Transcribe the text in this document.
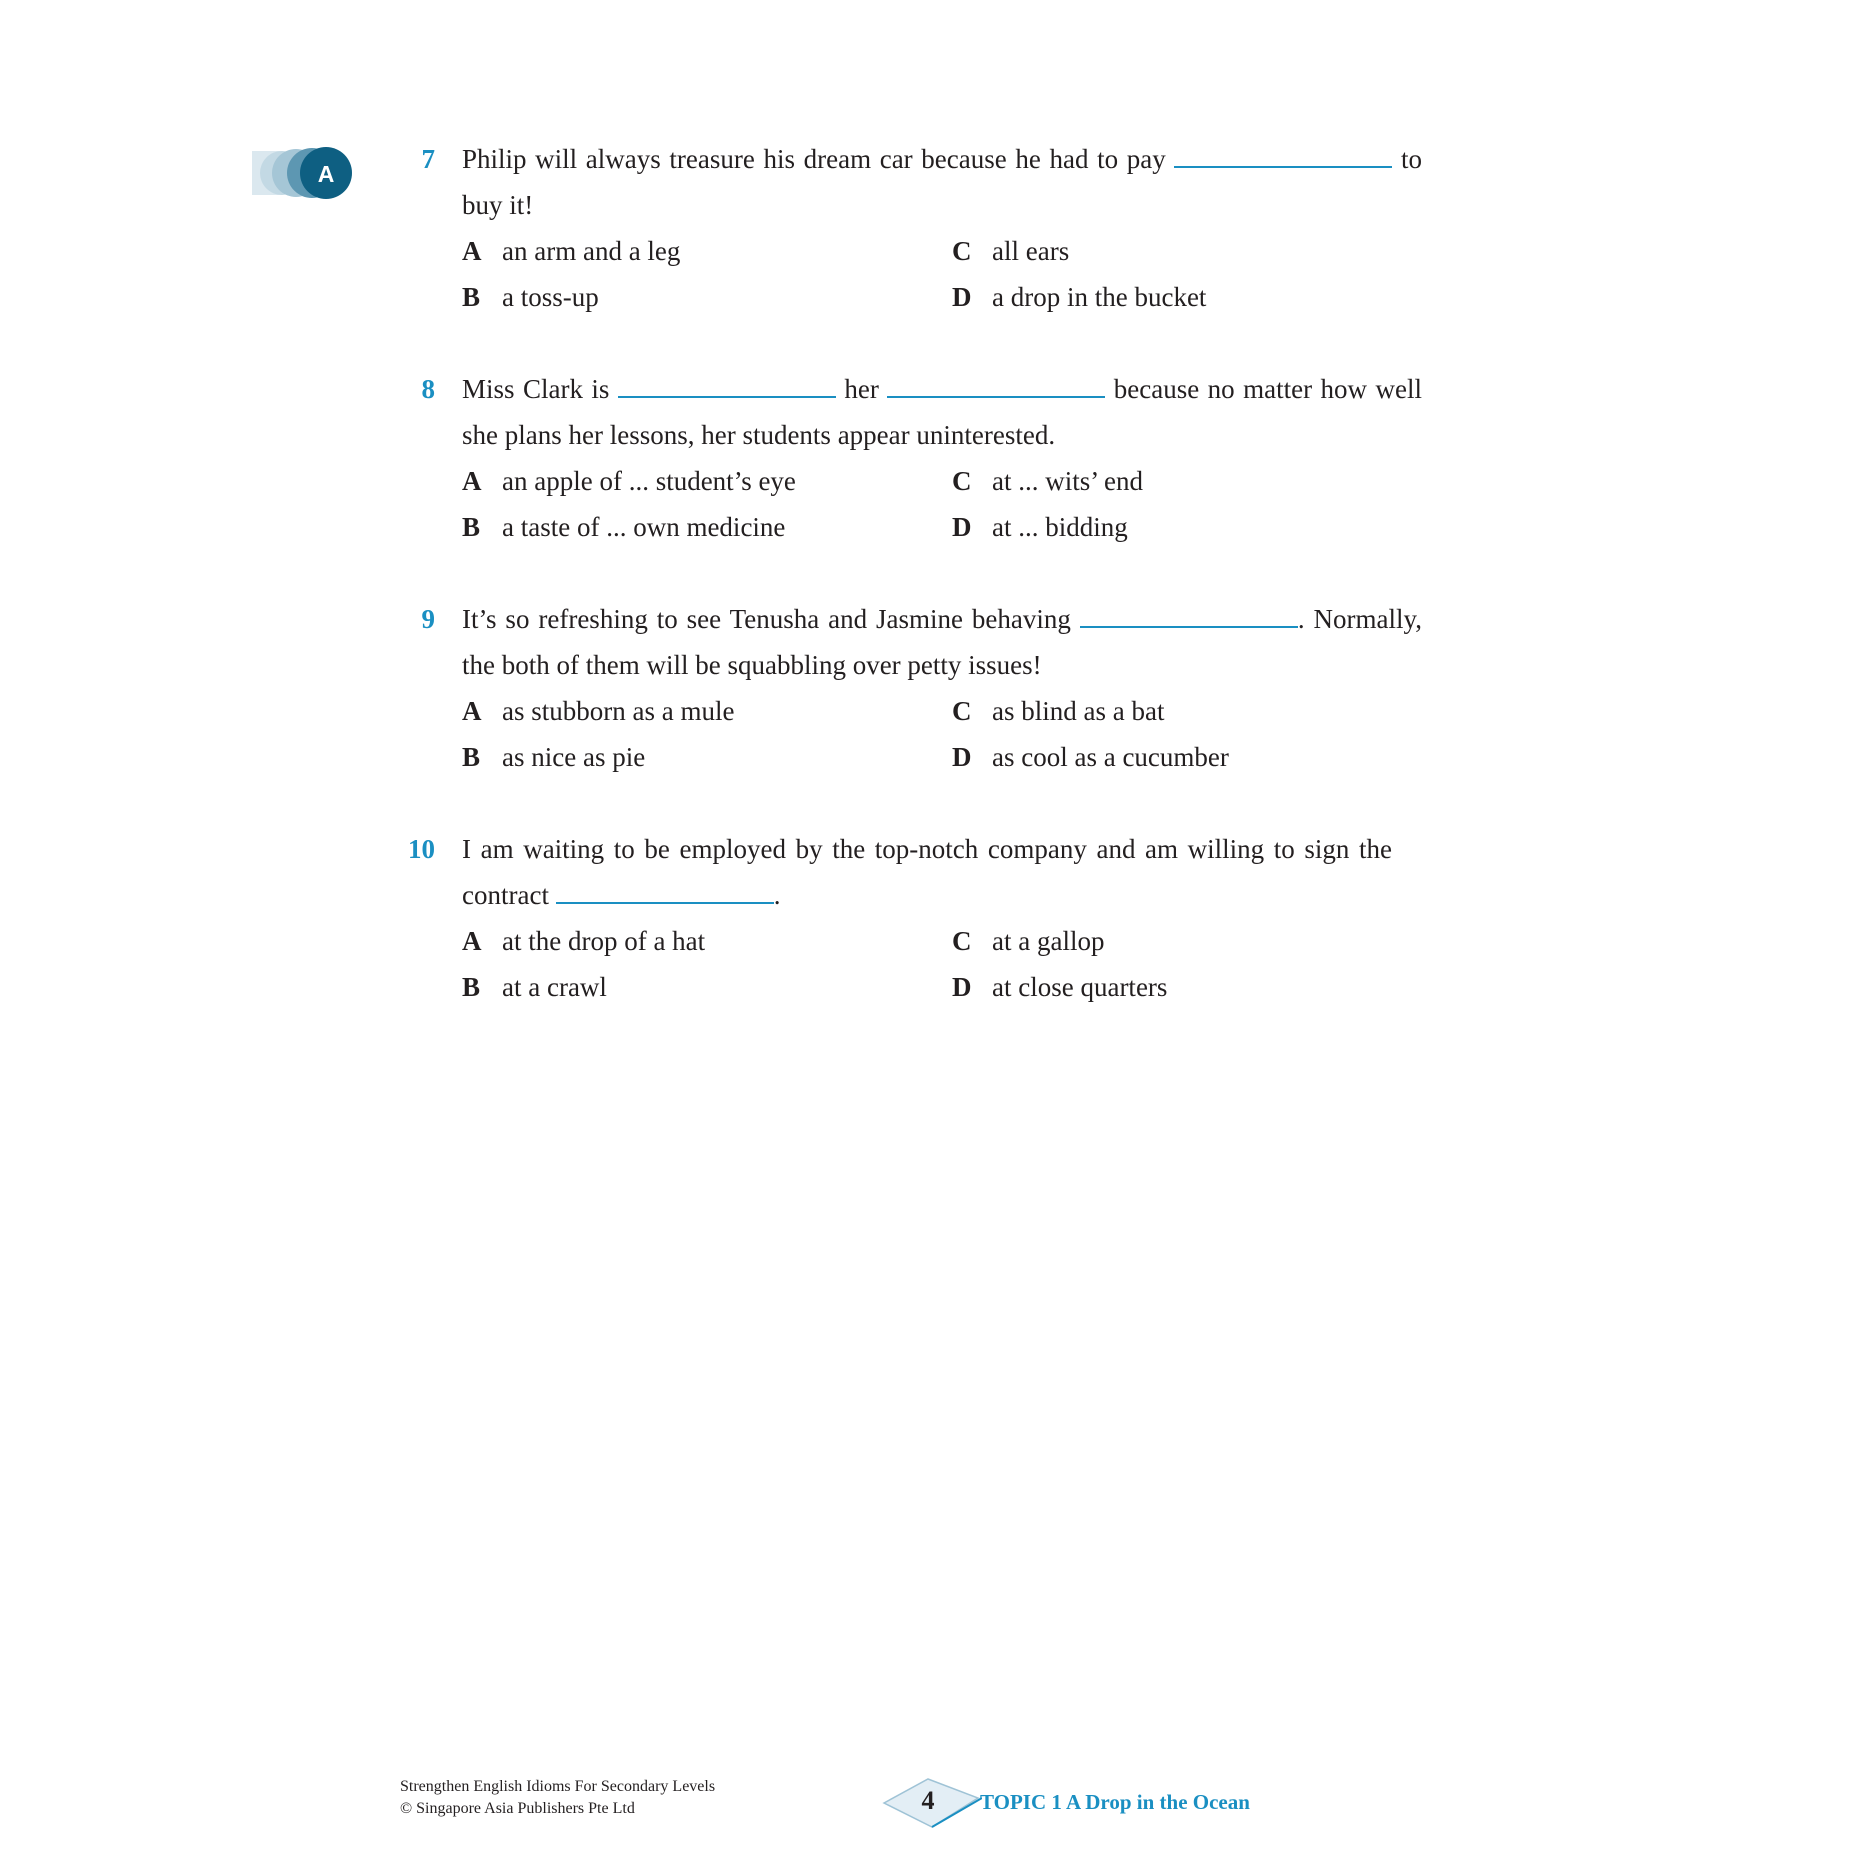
A	7 Philip will always treasure his dream car because he had to pay	to buy it!
A an arm and a leg
B a toss-up
C all ears
D a drop in the bucket
8 Miss Clark is	her	because no matter how well she plans her lessons, her students appear uninterested.
A an apple of ... student’s eye
B a taste of ... own medicine
C at ... wits’ end
D at ... bidding
9 It’s so refreshing to see Tenusha and Jasmine behaving	. Normally, the both of them will be squabbling over petty issues!
A as stubborn as a mule
B as nice as pie
C as blind as a bat
D as cool as a cucumber
10 I am waiting to be employed by the top-notch company and am willing to sign the contract	.
A at the drop of a hat
B at a crawl
C at a gallop
D at close quarters
Strengthen English Idioms For Secondary Levels
© Singapore Asia Publishers Pte Ltd	4	TOPIC 1 A Drop in the Ocean
